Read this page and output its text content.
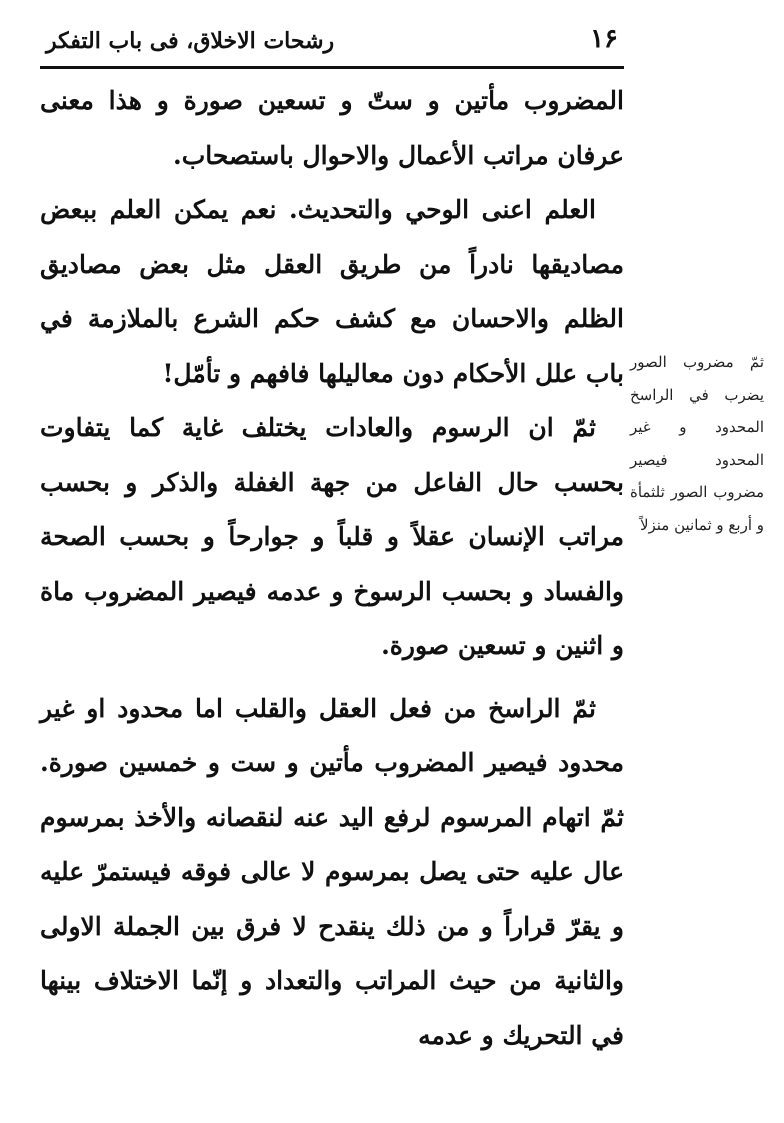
١۶
رشحات الاخلاق، فی باب التفکر

المضروب مأتين و ستّ و تسعين صورة و هذا معنى عرفان مراتب الأعمال والاحوال باستصحاب.

العلم اعنى الوحي والتحديث. نعم يمكن العلم ببعض مصاديقها نادراً من طريق العقل مثل بعض مصاديق الظلم والاحسان مع كشف حكم الشرع بالملازمة في باب علل الأحكام دون معاليلها فافهم و تأمّل!

ثمّ ان الرسوم والعادات يختلف غاية كما يتفاوت بحسب حال الفاعل من جهة الغفلة والذكر و بحسب مراتب الإنسان عقلاً و قلباً و جوارحاً و بحسب الصحة والفساد و بحسب الرسوخ و عدمه فيصير المضروب ماة و اثنين و تسعين صورة.

ثمّ الراسخ من فعل العقل والقلب اما محدود او غير محدود فيصير المضروب مأتين و ست و خمسين صورة. ثمّ اتهام المرسوم لرفع اليد عنه لنقصانه والأخذ بمرسوم عال عليه حتى يصل بمرسوم لا عالى فوقه فيستمرّ عليه و يقرّ قراراً و من ذلك ينقدح لا فرق بين الجملة الاولى والثانية من حيث المراتب والتعداد و إنّما الاختلاف بينها في التحريك و عدمه

ثمّ مضروب الصور يضرب في الراسخ المحدود و غير المحدود فيصير مضروب الصور ثلثمأة و أربع و ثمانين منزلاً
